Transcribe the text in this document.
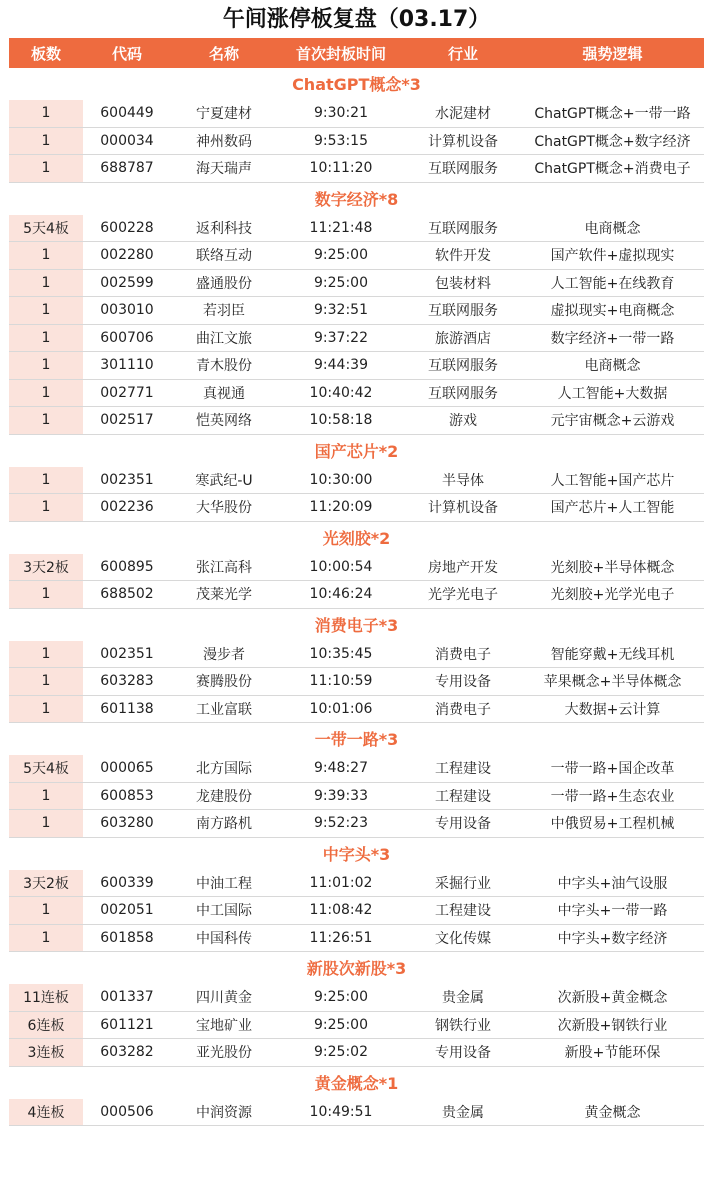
午间涨停板复盘（03.17）
板数	代码	名称	首次封板时间	行业	强势逻辑
ChatGPT概念*3
1	600449	宁夏建材	9:30:21	水泥建材	ChatGPT概念+一带一路
1	000034	神州数码	9:53:15	计算机设备	ChatGPT概念+数字经济
1	688787	海天瑞声	10:11:20	互联网服务	ChatGPT概念+消费电子
数字经济*8
5天4板	600228	返利科技	11:21:48	互联网服务	电商概念
1	002280	联络互动	9:25:00	软件开发	国产软件+虚拟现实
1	002599	盛通股份	9:25:00	包装材料	人工智能+在线教育
1	003010	若羽臣	9:32:51	互联网服务	虚拟现实+电商概念
1	600706	曲江文旅	9:37:22	旅游酒店	数字经济+一带一路
1	301110	青木股份	9:44:39	互联网服务	电商概念
1	002771	真视通	10:40:42	互联网服务	人工智能+大数据
1	002517	恺英网络	10:58:18	游戏	元宇宙概念+云游戏
国产芯片*2
1	002351	寒武纪-U	10:30:00	半导体	人工智能+国产芯片
1	002236	大华股份	11:20:09	计算机设备	国产芯片+人工智能
光刻胶*2
3天2板	600895	张江高科	10:00:54	房地产开发	光刻胶+半导体概念
1	688502	茂莱光学	10:46:24	光学光电子	光刻胶+光学光电子
消费电子*3
1	002351	漫步者	10:35:45	消费电子	智能穿戴+无线耳机
1	603283	赛腾股份	11:10:59	专用设备	苹果概念+半导体概念
1	601138	工业富联	10:01:06	消费电子	大数据+云计算
一带一路*3
5天4板	000065	北方国际	9:48:27	工程建设	一带一路+国企改革
1	600853	龙建股份	9:39:33	工程建设	一带一路+生态农业
1	603280	南方路机	9:52:23	专用设备	中俄贸易+工程机械
中字头*3
3天2板	600339	中油工程	11:01:02	采掘行业	中字头+油气设服
1	002051	中工国际	11:08:42	工程建设	中字头+一带一路
1	601858	中国科传	11:26:51	文化传媒	中字头+数字经济
新股次新股*3
11连板	001337	四川黄金	9:25:00	贵金属	次新股+黄金概念
6连板	601121	宝地矿业	9:25:00	钢铁行业	次新股+钢铁行业
3连板	603282	亚光股份	9:25:02	专用设备	新股+节能环保
黄金概念*1
4连板	000506	中润资源	10:49:51	贵金属	黄金概念
